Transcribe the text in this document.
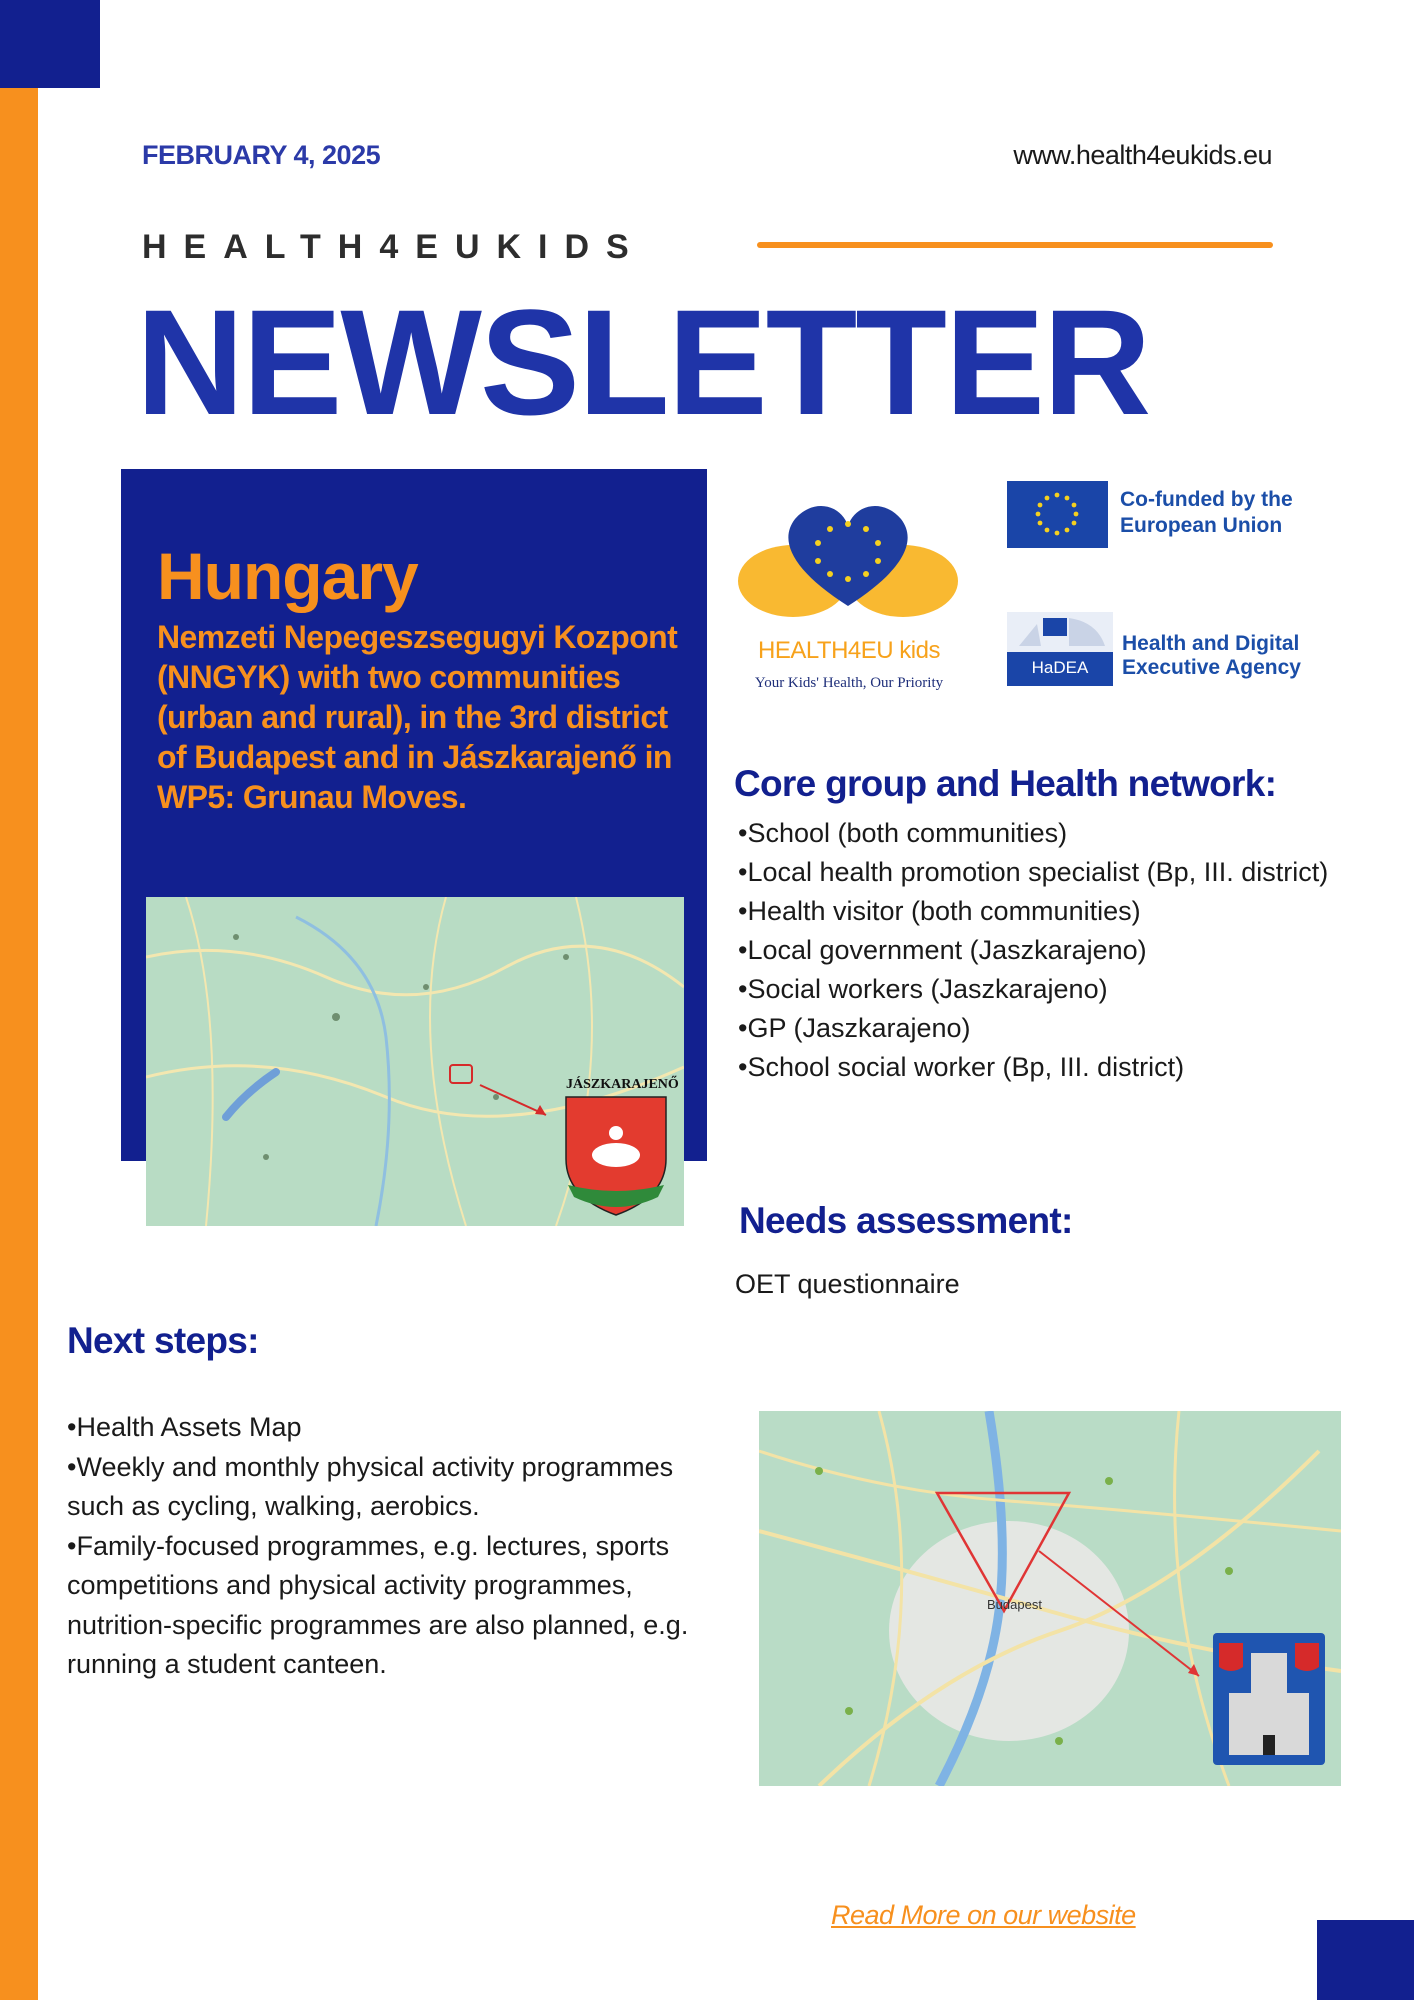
FEBRUARY 4, 2025	www.health4eukids.eu
HEALTH4EUKIDS
NEWSLETTER
Hungary
Nemzeti Nepegeszsegugyi Kozpont (NNGYK) with two communities (urban and rural), in the 3rd district of Budapest and in Jászkarajenő in WP5: Grunau Moves.
JÁSZKARAJENŐ
HEALTH4EU kids
Your Kids' Health, Our Priority
Co-funded by the European Union
HaDEA
Health and Digital Executive Agency
Core group and Health network:
•School (both communities)
•Local health promotion specialist (Bp, III. district)
•Health visitor (both communities)
•Local government (Jaszkarajeno)
•Social workers (Jaszkarajeno)
•GP (Jaszkarajeno)
•School social worker (Bp, III. district)
Needs assessment:
OET questionnaire
Next steps:
•Health Assets Map
•Weekly and monthly physical activity programmes such as cycling, walking, aerobics.
•Family-focused programmes, e.g. lectures, sports competitions and physical activity programmes, nutrition-specific programmes are also planned, e.g. running a student canteen.
Budapest
Read More on our website
